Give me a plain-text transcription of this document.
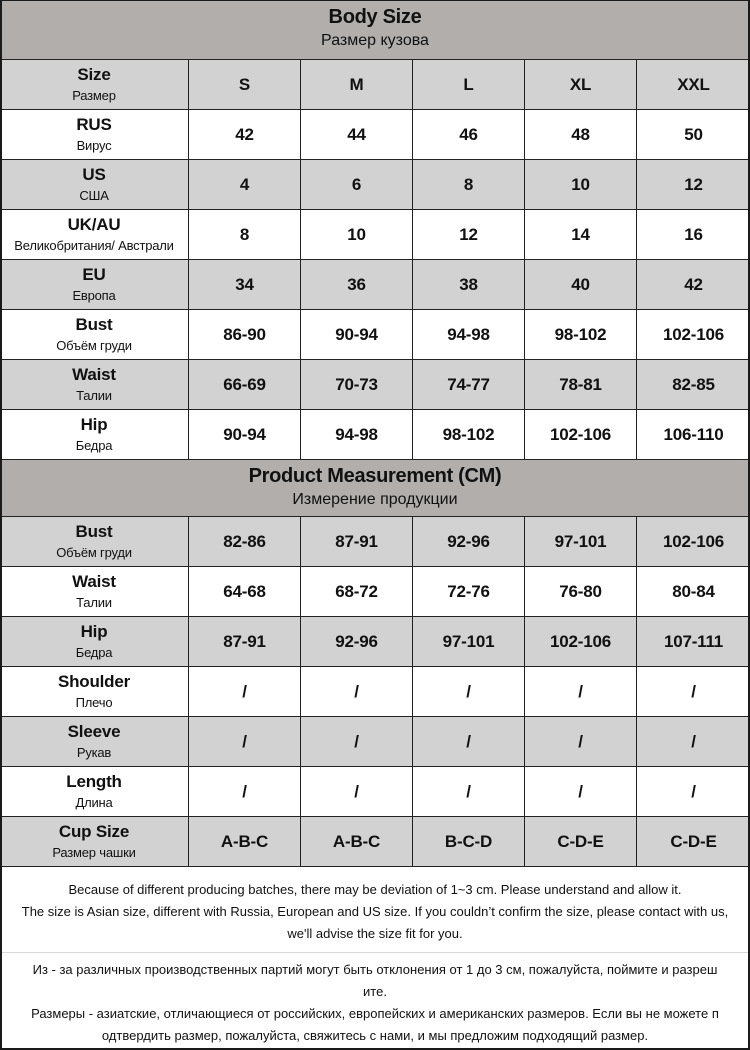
Body Size
Размер кузова
Size
Размер
S	M	L	XL	XXL
RUS
Вирус
42	44	46	48	50
US
США
4	6	8	10	12
UK/AU
Великобритания/ Австрали
8	10	12	14	16
EU
Европа
34	36	38	40	42
Bust
Объём груди
86-90	90-94	94-98	98-102	102-106
Waist
Талии
66-69	70-73	74-77	78-81	82-85
Hip
Бедра
90-94	94-98	98-102	102-106	106-110
Product Measurement (CM)
Измерение продукции
Bust
Объём груди
82-86	87-91	92-96	97-101	102-106
Waist
Талии
64-68	68-72	72-76	76-80	80-84
Hip
Бедра
87-91	92-96	97-101	102-106	107-111
Shoulder
Плечо
/	/	/	/	/
Sleeve
Рукав
/	/	/	/	/
Length
Длина
/	/	/	/	/
Cup Size
Размер чашки
A-B-C	A-B-C	B-C-D	C-D-E	C-D-E
Because of different producing batches, there may be deviation of 1~3 cm. Please understand and allow it.
The size is Asian size, different with Russia, European and US size. If you couldn’t confirm the size, please contact with us,
we'll advise the size fit for you.
Из - за различных производственных партий могут быть отклонения от 1 до 3 см, пожалуйста, поймите и разреш
ите.
Размеры - азиатские, отличающиеся от российских, европейских и американских размеров. Если вы не можете п
одтвердить размер, пожалуйста, свяжитесь с нами, и мы предложим подходящий размер.
